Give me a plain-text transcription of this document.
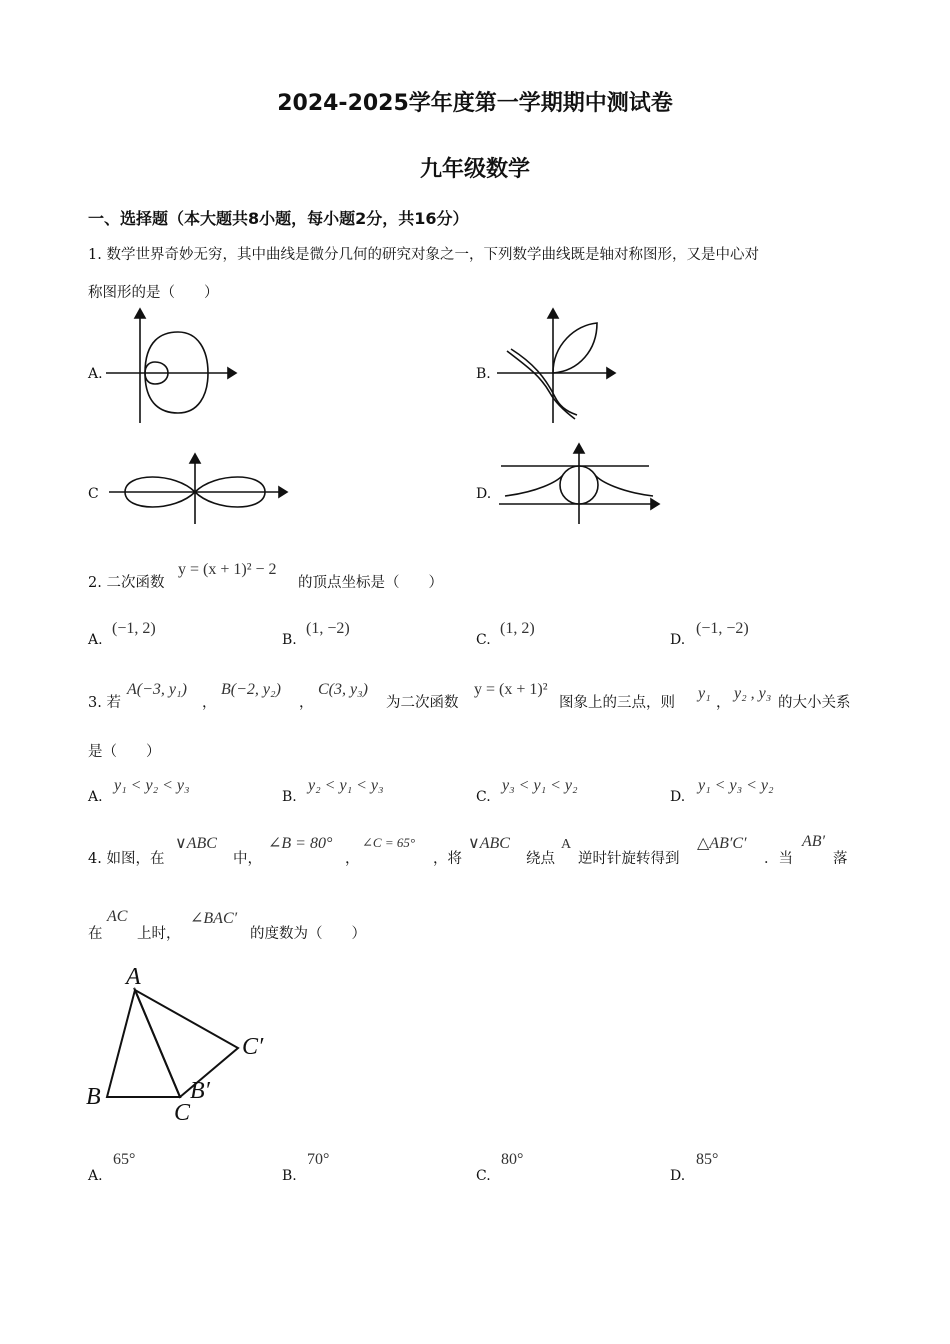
2024-2025学年度第一学期期中测试卷
九年级数学
一、选择题（本大题共8小题，每小题2分，共16分）
1. 数学世界奇妙无穷，其中曲线是微分几何的研究对象之一，下列数学曲线既是轴对称图形，又是中心对
称图形的是（　　）
A.	B.
C	D.
2. 二次函数
y = (x + 1)² − 2
的顶点坐标是（　　）
A.
(−1, 2)
B.
(1, −2)
C.
(1, 2)
D.
(−1, −2)
3. 若
A(−3, y₁)
，
B(−2, y₂)
，
C(3, y₃)
为二次函数
y = (x + 1)²
图象上的三点，则
y₁
，
y₂ , y₃
的大小关系
是（　　）
A.
y₁ < y₂ < y₃
B.
y₂ < y₁ < y₃
C.
y₃ < y₁ < y₂
D.
y₁ < y₃ < y₂
4. 如图，在
∨ABC
中，
∠B = 80°
，
∠C = 65°
，将
∨ABC
绕点
A
逆时针旋转得到
△AB′C′
．当
AB′
落
在
AC
上时，
∠BAC′
的度数为（　　）
A
B
C
B′
C′
A.
65°
B.
70°
C.
80°
D.
85°
